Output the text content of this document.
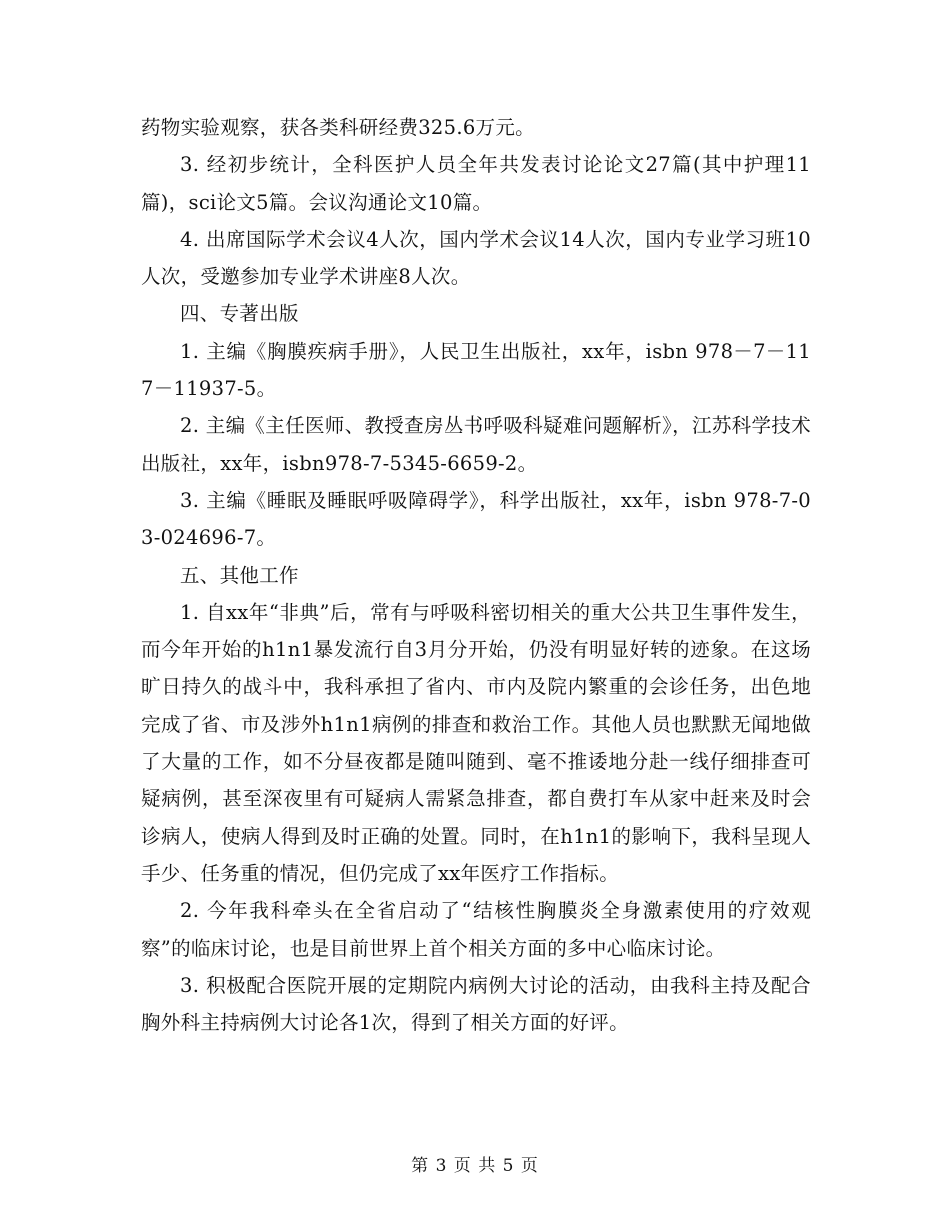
药物实验观察，获各类科研经费325.6万元。

3. 经初步统计，全科医护人员全年共发表讨论论文27篇(其中护理11篇)，sci论文5篇。会议沟通论文10篇。

4. 出席国际学术会议4人次，国内学术会议14人次，国内专业学习班10人次，受邀参加专业学术讲座8人次。

四、专著出版

1. 主编《胸膜疾病手册》，人民卫生出版社，xx年，isbn 978－7－117－11937-5。

2. 主编《主任医师、教授查房丛书呼吸科疑难问题解析》，江苏科学技术出版社，xx年，isbn978-7-5345-6659-2。

3. 主编《睡眠及睡眠呼吸障碍学》，科学出版社，xx年，isbn 978-7-03-024696-7。

五、其他工作

1. 自xx年“非典”后，常有与呼吸科密切相关的重大公共卫生事件发生，而今年开始的h1n1暴发流行自3月分开始，仍没有明显好转的迹象。在这场旷日持久的战斗中，我科承担了省内、市内及院内繁重的会诊任务，出色地完成了省、市及涉外h1n1病例的排查和救治工作。其他人员也默默无闻地做了大量的工作，如不分昼夜都是随叫随到、毫不推诿地分赴一线仔细排查可疑病例，甚至深夜里有可疑病人需紧急排查，都自费打车从家中赶来及时会诊病人，使病人得到及时正确的处置。同时，在h1n1的影响下，我科呈现人手少、任务重的情况，但仍完成了xx年医疗工作指标。

2. 今年我科牵头在全省启动了“结核性胸膜炎全身激素使用的疗效观察”的临床讨论，也是目前世界上首个相关方面的多中心临床讨论。

3. 积极配合医院开展的定期院内病例大讨论的活动，由我科主持及配合胸外科主持病例大讨论各1次，得到了相关方面的好评。

第 3 页 共 5 页
